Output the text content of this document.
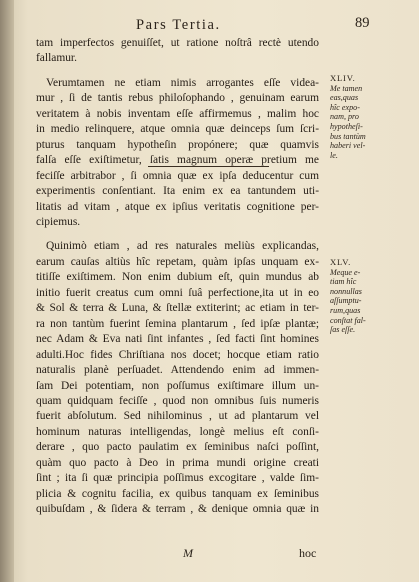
Pars Tertia.	89
tam imperfectos genuiſſet, ut ratione noſtrâ rectè utendo
fallamur.
Verumtamen ne etiam nimis arrogantes eſſe videa-
mur , ſi de tantis rebus philoſophando , genuinam earum
veritatem à nobis inventam eſſe affirmemus , malim hoc
in medio relinquere, atque omnia quæ deinceps ſum ſcri-
pturus tanquam hypotheſin propónere; quæ quamvis
falſa eſſe exiſtimetur, ſatis magnum operæ pretium me
feciſſe arbitrabor , ſi omnia quæ ex ipſa deducentur cum
experimentis conſentiant. Ita enim ex ea tantundem uti-
litatis ad vitam , atque ex ipſius veritatis cognitione per-
cipiemus.
Quinimò etiam , ad res naturales meliùs explicandas,
earum cauſas altiùs hîc repetam, quàm ipſas unquam ex-
titiſſe exiſtimem. Non enim dubium eſt, quin mundus ab
initio fuerit creatus cum omni ſuâ perfectione,ita ut in eo
& Sol & terra & Luna, & ſtellæ extiterint; ac etiam in ter-
ra non tantùm fuerint ſemina plantarum , ſed ipſæ plantæ;
nec Adam & Eva nati ſint infantes , ſed facti ſint homines
adulti.Hoc fides Chriſtiana nos docet; hocque etiam ratio
naturalis planè perſuadet. Attendendo enim ad immen-
ſam Dei potentiam, non poſſumus exiſtimare illum un-
quam quidquam feciſſe , quod non omnibus ſuis numeris
fuerit abſolutum. Sed nihilominus , ut ad plantarum vel
hominum naturas intelligendas, longè melius eſt conſi-
derare , quo pacto paulatim ex ſeminibus naſci poſſint,
quàm quo pacto à Deo in prima mundi origine creati
ſint ; ita ſi quæ principia poſſimus excogitare , valde ſim-
plicia & cognitu facilia, ex quibus tanquam ex ſeminibus
quibuſdam , & ſidera & terram , & denique omnia quæ in
XLIV.
Me tamen
eas,quas
hîc expo-
nam, pro
hypotheſi-
bus tantùm
haberi vel-
le.
XLV.
Meque e-
tiam hîc
nonnullas
aſſumptu-
rum,quas
conſtat fal-
ſas eſſe.
M	hoc
